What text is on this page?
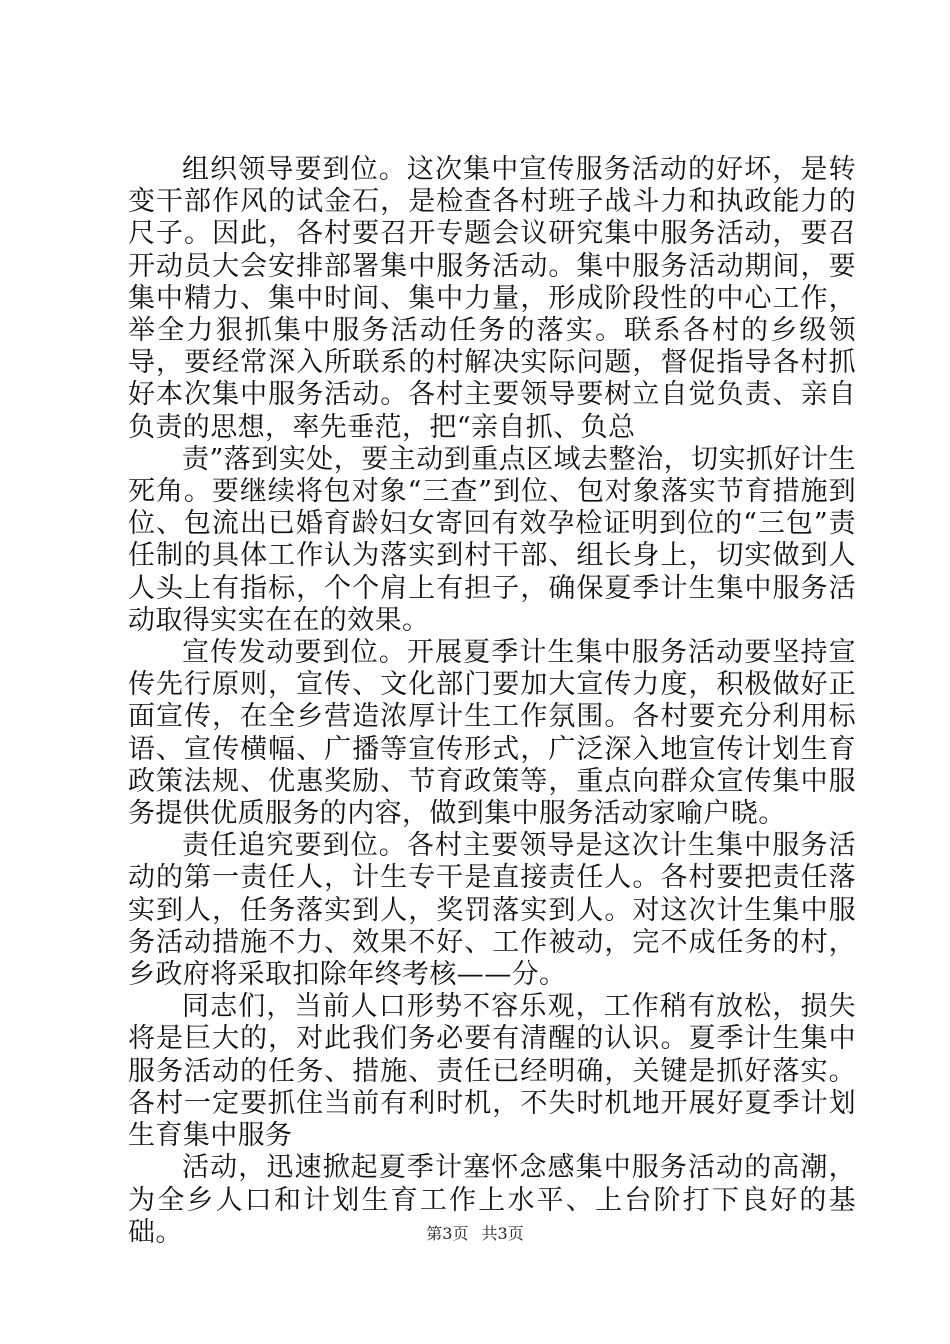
组织领导要到位。这次集中宣传服务活动的好坏，是转变干部作风的试金石，是检查各村班子战斗力和执政能力的尺子。因此，各村要召开专题会议研究集中服务活动，要召开动员大会安排部署集中服务活动。集中服务活动期间，要集中精力、集中时间、集中力量，形成阶段性的中心工作，举全力狠抓集中服务活动任务的落实。联系各村的乡级领导，要经常深入所联系的村解决实际问题，督促指导各村抓好本次集中服务活动。各村主要领导要树立自觉负责、亲自负责的思想，率先垂范，把“亲自抓、负总

责”落到实处，要主动到重点区域去整治，切实抓好计生死角。要继续将包对象“三查”到位、包对象落实节育措施到位、包流出已婚育龄妇女寄回有效孕检证明到位的“三包”责任制的具体工作认为落实到村干部、组长身上，切实做到人人头上有指标，个个肩上有担子，确保夏季计生集中服务活动取得实实在在的效果。

宣传发动要到位。开展夏季计生集中服务活动要坚持宣传先行原则，宣传、文化部门要加大宣传力度，积极做好正面宣传，在全乡营造浓厚计生工作氛围。各村要充分利用标语、宣传横幅、广播等宣传形式，广泛深入地宣传计划生育政策法规、优惠奖励、节育政策等，重点向群众宣传集中服务提供优质服务的内容，做到集中服务活动家喻户晓。

责任追究要到位。各村主要领导是这次计生集中服务活动的第一责任人，计生专干是直接责任人。各村要把责任落实到人，任务落实到人，奖罚落实到人。对这次计生集中服务活动措施不力、效果不好、工作被动，完不成任务的村，乡政府将采取扣除年终考核——分。

同志们，当前人口形势不容乐观，工作稍有放松，损失将是巨大的，对此我们务必要有清醒的认识。夏季计生集中服务活动的任务、措施、责任已经明确，关键是抓好落实。各村一定要抓住当前有利时机，不失时机地开展好夏季计划生育集中服务

活动，迅速掀起夏季计塞怀念感集中服务活动的高潮，为全乡人口和计划生育工作上水平、上台阶打下良好的基础。	第3页 共3页
